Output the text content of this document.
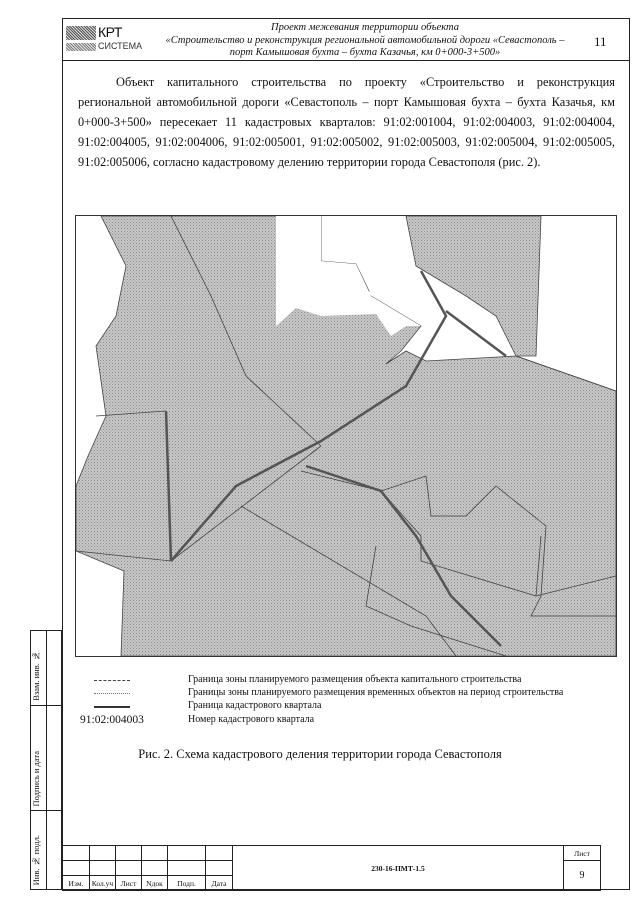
КРТ
СИСТЕМА
Проект межевания территории объекта
«Строительство и реконструкция региональной автомобильной дороги «Севастополь –
порт Камышовая бухта – бухта Казачья, км 0+000-3+500»
11
Объект капитального строительства по проекту «Строительство и реконструкция региональной автомобильной дороги «Севастополь – порт Камышовая бухта – бухта Казачья, км 0+000-3+500» пересекает 11 кадастровых кварталов: 91:02:001004, 91:02:004003, 91:02:004004, 91:02:004005, 91:02:004006, 91:02:005001, 91:02:005002, 91:02:005003, 91:02:005004, 91:02:005005, 91:02:005006, согласно кадастровому делению территории города Севастополя (рис. 2).
Граница зоны планируемого размещения объекта капитального строительства
Границы зоны планируемого размещения временных объектов на период строительства
Граница кадастрового квартала
91:02:004003	Номер кадастрового квартала
Рис. 2. Схема кадастрового деления территории города Севастополя
Взам. инв. №
Подпись и дата
Инв. № подл.
							230-16-ПМТ-1.5	Лист
							9
Изм.	Кол.уч	Лист	Nдок	Подп.	Дата		
